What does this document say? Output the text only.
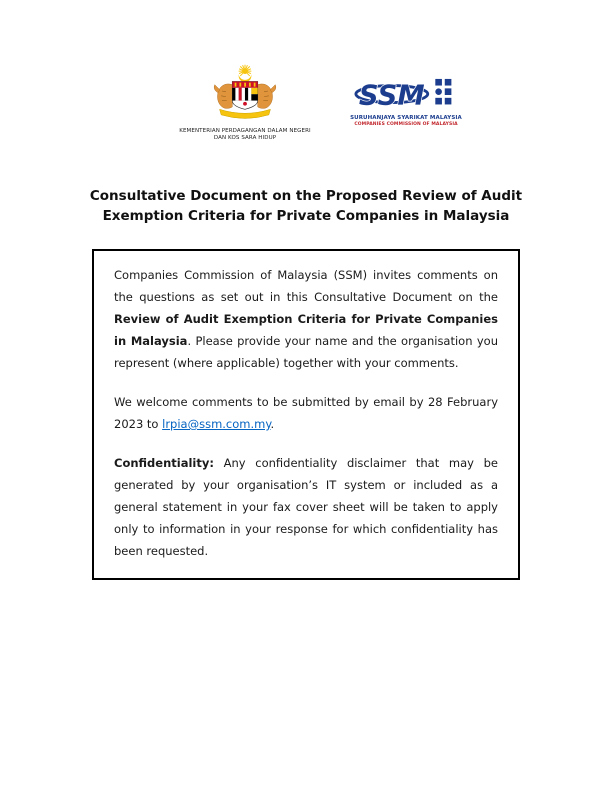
KEMENTERIAN PERDAGANGAN DALAM NEGERI
DAN KOS SARA HIDUP
SSM
SURUHANJAYA SYARIKAT MALAYSIA
COMPANIES COMMISSION OF MALAYSIA
Consultative Document on the Proposed Review of Audit Exemption Criteria for Private Companies in Malaysia

Companies Commission of Malaysia (SSM) invites comments on the questions as set out in this Consultative Document on the Review of Audit Exemption Criteria for Private Companies in Malaysia. Please provide your name and the organisation you represent (where applicable) together with your comments.

We welcome comments to be submitted by email by 28 February 2023 to lrpia@ssm.com.my.

Confidentiality: Any confidentiality disclaimer that may be generated by your organisation’s IT system or included as a general statement in your fax cover sheet will be taken to apply only to information in your response for which confidentiality has been requested.
